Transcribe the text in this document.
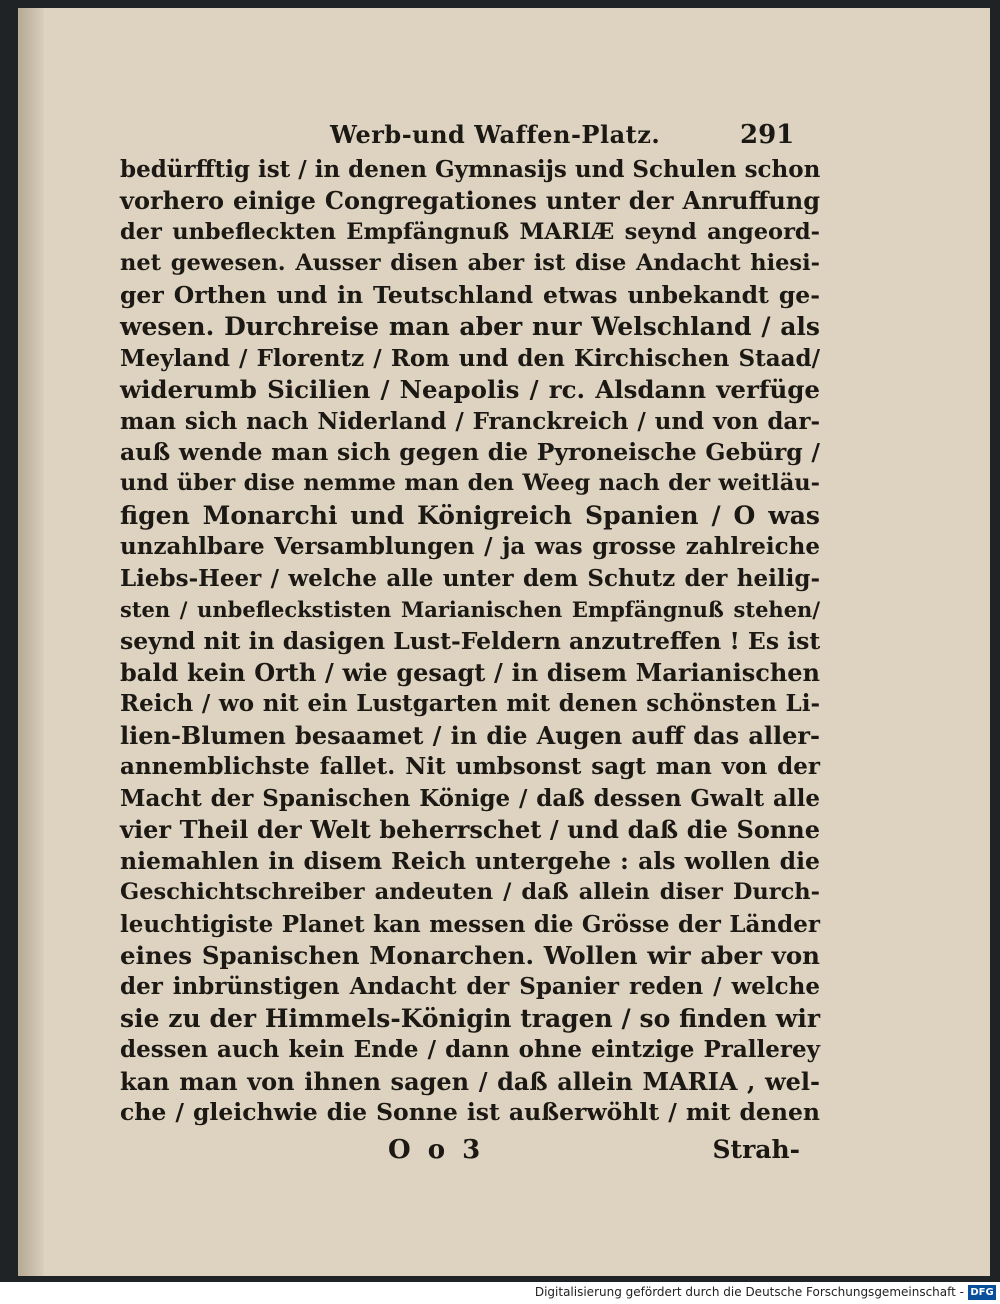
Werb-und Waffen-Platz.	291
bedürfftig ist / in denen Gymnasijs und Schulen schon
vorhero einige Congregationes unter der Anruffung
der unbefleckten Empfängnuß MARIÆ seynd angeord-
net gewesen. Ausser disen aber ist dise Andacht hiesi-
ger Orthen und in Teutschland etwas unbekandt ge-
wesen. Durchreise man aber nur Welschland / als
Meyland / Florentz / Rom und den Kirchischen Staad/
widerumb Sicilien / Neapolis / rc. Alsdann verfüge
man sich nach Niderland / Franckreich / und von dar-
auß wende man sich gegen die Pyroneische Gebürg /
und über dise nemme man den Weeg nach der weitläu-
figen Monarchi und Königreich Spanien / O was
unzahlbare Versamblungen / ja was grosse zahlreiche
Liebs-Heer / welche alle unter dem Schutz der heilig-
sten / unbefleckstisten Marianischen Empfängnuß stehen/
seynd nit in dasigen Lust-Feldern anzutreffen ! Es ist
bald kein Orth / wie gesagt / in disem Marianischen
Reich / wo nit ein Lustgarten mit denen schönsten Li-
lien-Blumen besaamet / in die Augen auff das aller-
annemblichste fallet. Nit umbsonst sagt man von der
Macht der Spanischen Könige / daß dessen Gwalt alle
vier Theil der Welt beherrschet / und daß die Sonne
niemahlen in disem Reich untergehe : als wollen die
Geschichtschreiber andeuten / daß allein diser Durch-
leuchtigiste Planet kan messen die Grösse der Länder
eines Spanischen Monarchen. Wollen wir aber von
der inbrünstigen Andacht der Spanier reden / welche
sie zu der Himmels-Königin tragen / so finden wir
dessen auch kein Ende / dann ohne eintzige Prallerey
kan man von ihnen sagen / daß allein MARIA , wel-
che / gleichwie die Sonne ist außerwöhlt / mit denen
O o 3	Strah-
Digitalisierung gefördert durch die Deutsche Forschungsgemeinschaft - DFG
